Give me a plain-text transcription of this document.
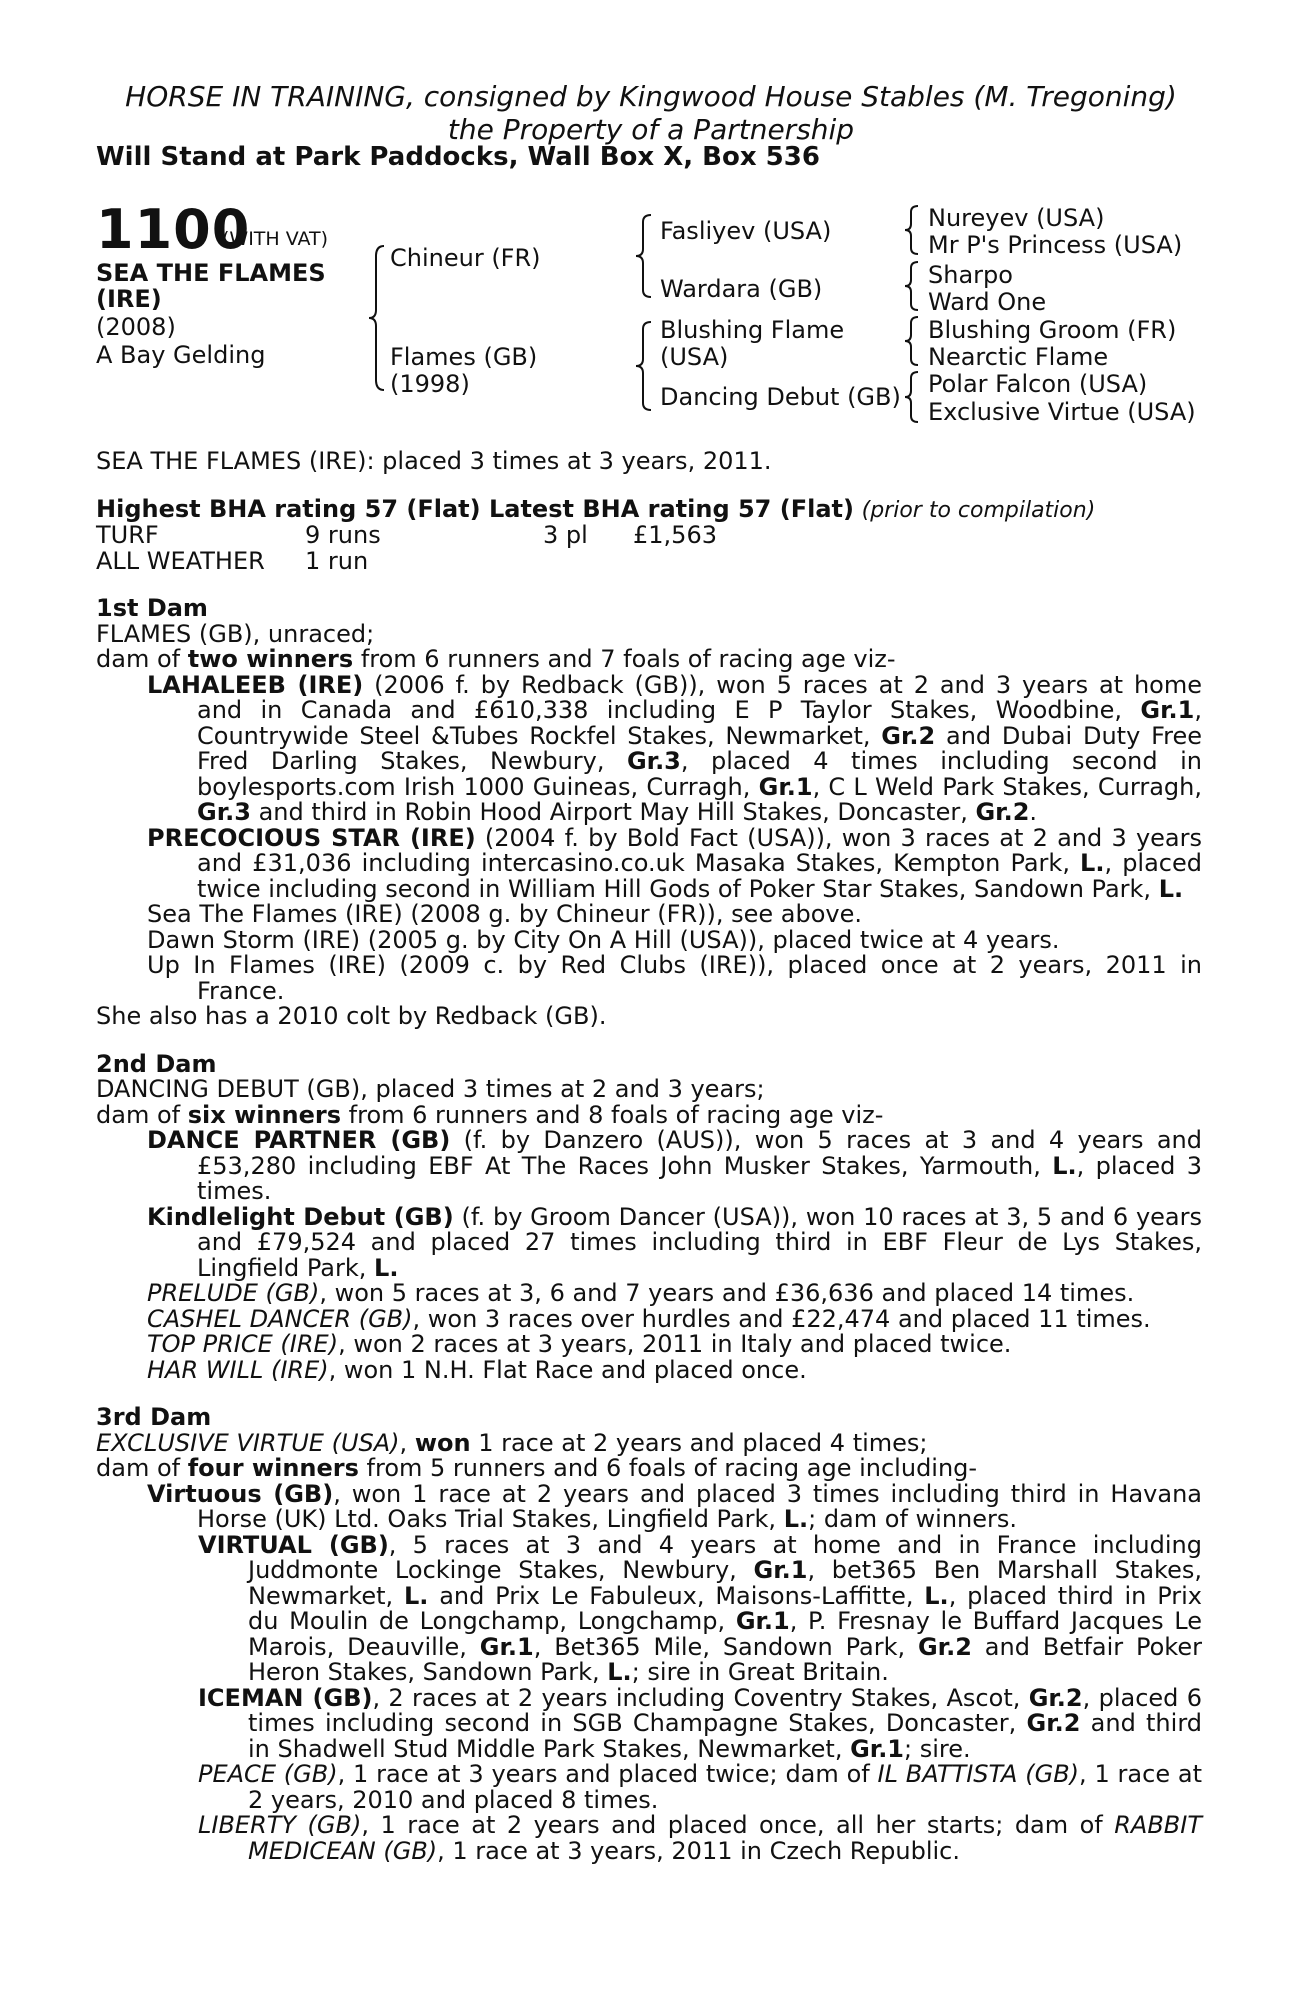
HORSE IN TRAINING, consigned by Kingwood House Stables (M. Tregoning)
the Property of a Partnership
Will Stand at Park Paddocks, Wall Box X, Box 536
1100
(WITH VAT)
SEA THE FLAMES
(IRE)
(2008)
A Bay Gelding
Chineur (FR)
Flames (GB)
(1998)
Fasliyev (USA)
Wardara (GB)
Blushing Flame
(USA)
Dancing Debut (GB)
Nureyev (USA)
Mr P's Princess (USA)
Sharpo
Ward One
Blushing Groom (FR)
Nearctic Flame
Polar Falcon (USA)
Exclusive Virtue (USA)
SEA THE FLAMES (IRE): placed 3 times at 3 years, 2011.
Highest BHA rating 57 (Flat) Latest BHA rating 57 (Flat) (prior to compilation)
TURF	9 runs	3 pl	£1,563
ALL WEATHER	1 run
1st Dam
FLAMES (GB), unraced;
dam of two winners from 6 runners and 7 foals of racing age viz-
LAHALEEB (IRE) (2006 f. by Redback (GB)), won 5 races at 2 and 3 years at home and in Canada and £610,338 including E P Taylor Stakes, Woodbine, Gr.1, Countrywide Steel &Tubes Rockfel Stakes, Newmarket, Gr.2 and Dubai Duty Free Fred Darling Stakes, Newbury, Gr.3, placed 4 times including second in boylesports.com Irish 1000 Guineas, Curragh, Gr.1, C L Weld Park Stakes, Curragh, Gr.3 and third in Robin Hood Airport May Hill Stakes, Doncaster, Gr.2.
PRECOCIOUS STAR (IRE) (2004 f. by Bold Fact (USA)), won 3 races at 2 and 3 years and £31,036 including intercasino.co.uk Masaka Stakes, Kempton Park, L., placed twice including second in William Hill Gods of Poker Star Stakes, Sandown Park, L.
Sea The Flames (IRE) (2008 g. by Chineur (FR)), see above.
Dawn Storm (IRE) (2005 g. by City On A Hill (USA)), placed twice at 4 years.
Up In Flames (IRE) (2009 c. by Red Clubs (IRE)), placed once at 2 years, 2011 in France.
She also has a 2010 colt by Redback (GB).
2nd Dam
DANCING DEBUT (GB), placed 3 times at 2 and 3 years;
dam of six winners from 6 runners and 8 foals of racing age viz-
DANCE PARTNER (GB) (f. by Danzero (AUS)), won 5 races at 3 and 4 years and £53,280 including EBF At The Races John Musker Stakes, Yarmouth, L., placed 3 times.
Kindlelight Debut (GB) (f. by Groom Dancer (USA)), won 10 races at 3, 5 and 6 years and £79,524 and placed 27 times including third in EBF Fleur de Lys Stakes, Lingfield Park, L.
PRELUDE (GB), won 5 races at 3, 6 and 7 years and £36,636 and placed 14 times.
CASHEL DANCER (GB), won 3 races over hurdles and £22,474 and placed 11 times.
TOP PRICE (IRE), won 2 races at 3 years, 2011 in Italy and placed twice.
HAR WILL (IRE), won 1 N.H. Flat Race and placed once.
3rd Dam
EXCLUSIVE VIRTUE (USA), won 1 race at 2 years and placed 4 times;
dam of four winners from 5 runners and 6 foals of racing age including-
Virtuous (GB), won 1 race at 2 years and placed 3 times including third in Havana Horse (UK) Ltd. Oaks Trial Stakes, Lingfield Park, L.; dam of winners.
VIRTUAL (GB), 5 races at 3 and 4 years at home and in France including Juddmonte Lockinge Stakes, Newbury, Gr.1, bet365 Ben Marshall Stakes, Newmarket, L. and Prix Le Fabuleux, Maisons-Laffitte, L., placed third in Prix du Moulin de Longchamp, Longchamp, Gr.1, P. Fresnay le Buffard Jacques Le Marois, Deauville, Gr.1, Bet365 Mile, Sandown Park, Gr.2 and Betfair Poker Heron Stakes, Sandown Park, L.; sire in Great Britain.
ICEMAN (GB), 2 races at 2 years including Coventry Stakes, Ascot, Gr.2, placed 6 times including second in SGB Champagne Stakes, Doncaster, Gr.2 and third in Shadwell Stud Middle Park Stakes, Newmarket, Gr.1; sire.
PEACE (GB), 1 race at 3 years and placed twice; dam of IL BATTISTA (GB), 1 race at 2 years, 2010 and placed 8 times.
LIBERTY (GB), 1 race at 2 years and placed once, all her starts; dam of RABBIT MEDICEAN (GB), 1 race at 3 years, 2011 in Czech Republic.
